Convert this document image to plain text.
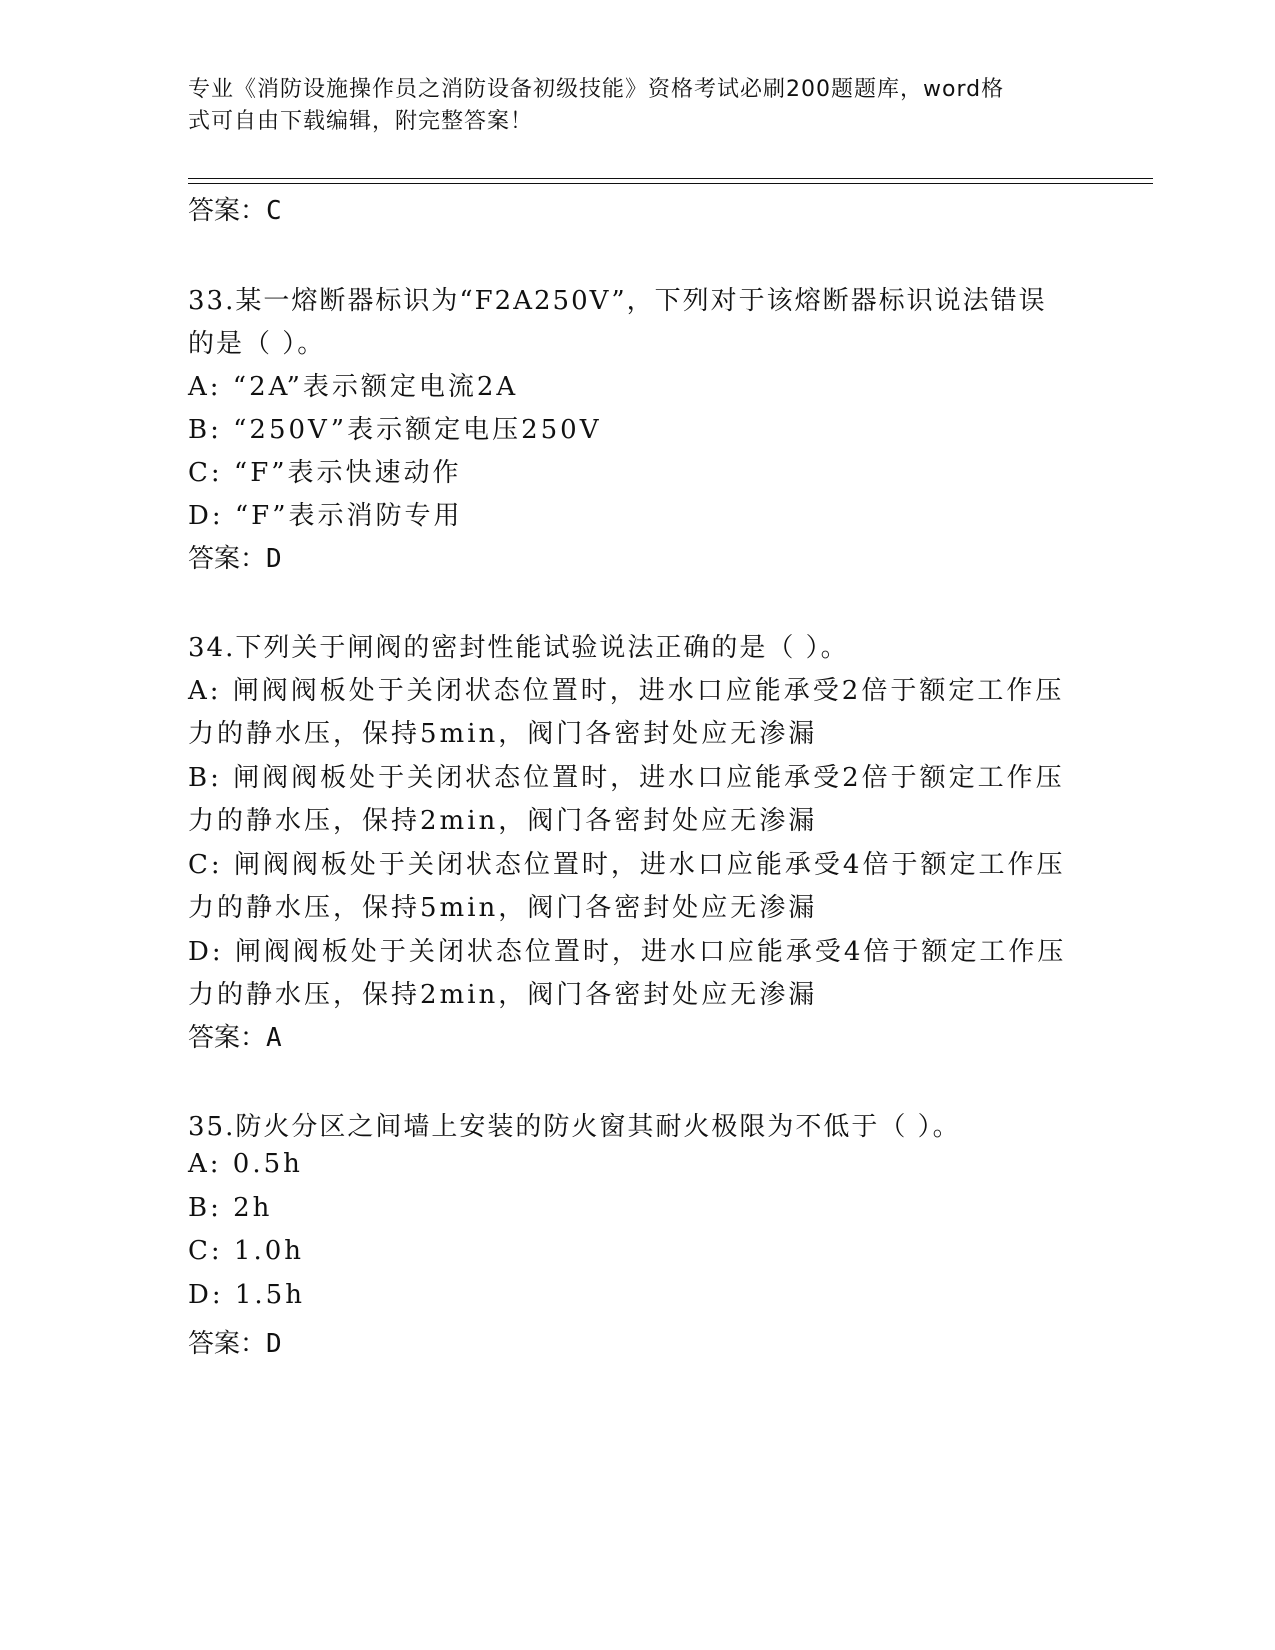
专业《消防设施操作员之消防设备初级技能》资格考试必刷200题题库，word格
式可自由下载编辑，附完整答案！
答案：C
33.某一熔断器标识为“F2A250V”，下列对于该熔断器标识说法错误
的是（ ）。
A: “2A”表示额定电流2A
B: “250V”表示额定电压250V
C: “F”表示快速动作
D: “F”表示消防专用
答案：D
34.下列关于闸阀的密封性能试验说法正确的是（ ）。
A: 闸阀阀板处于关闭状态位置时，进水口应能承受2倍于额定工作压
力的静水压，保持5min，阀门各密封处应无渗漏
B: 闸阀阀板处于关闭状态位置时，进水口应能承受2倍于额定工作压
力的静水压，保持2min，阀门各密封处应无渗漏
C: 闸阀阀板处于关闭状态位置时，进水口应能承受4倍于额定工作压
力的静水压，保持5min，阀门各密封处应无渗漏
D: 闸阀阀板处于关闭状态位置时，进水口应能承受4倍于额定工作压
力的静水压，保持2min，阀门各密封处应无渗漏
答案：A
35.防火分区之间墙上安装的防火窗其耐火极限为不低于（ ）。
A: 0.5h
B: 2h
C: 1.0h
D: 1.5h
答案：D
